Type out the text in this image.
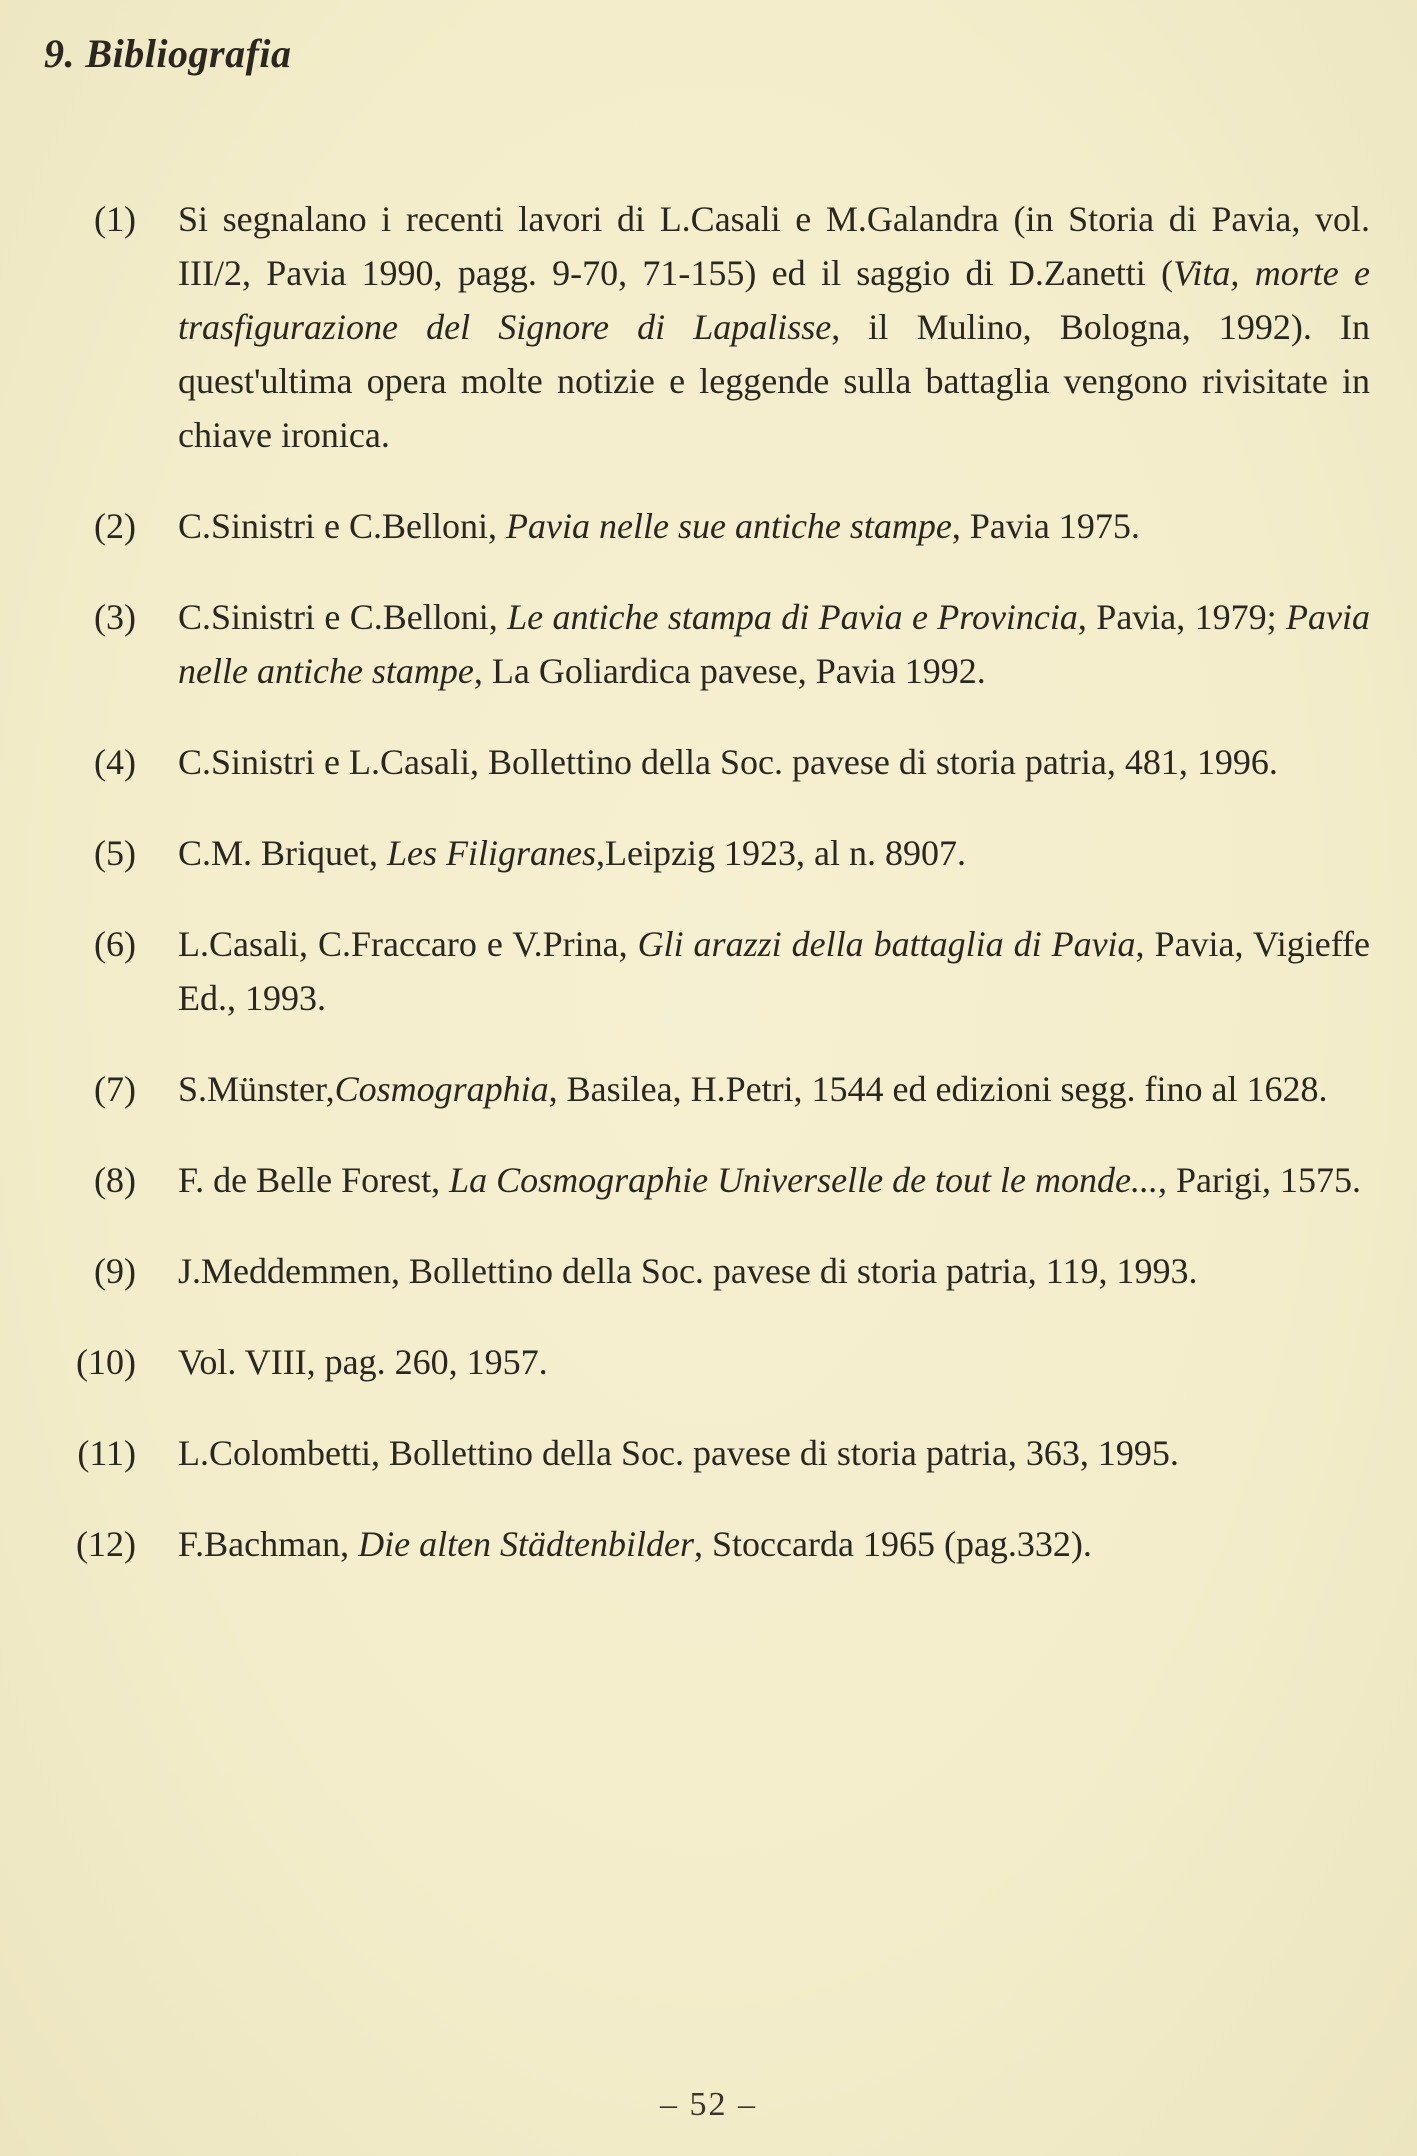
9. Bibliografia
(1)	Si segnalano i recenti lavori di L.Casali e M.Galandra (in Storia di Pavia, vol. III/2, Pavia 1990, pagg. 9-70, 71-155) ed il saggio di D.Zanetti (Vita, morte e trasfigurazione del Signore di Lapalisse, il Mulino, Bologna, 1992). In quest'ultima opera molte notizie e leggende sulla battaglia vengono rivisitate in chiave ironica.
(2)	C.Sinistri e C.Belloni, Pavia nelle sue antiche stampe, Pavia 1975.
(3)	C.Sinistri e C.Belloni, Le antiche stampa di Pavia e Provincia, Pavia, 1979; Pavia nelle antiche stampe, La Goliardica pavese, Pavia 1992.
(4)	C.Sinistri e L.Casali, Bollettino della Soc. pavese di storia patria, 481, 1996.
(5)	C.M. Briquet, Les Filigranes,Leipzig 1923, al n. 8907.
(6)	L.Casali, C.Fraccaro e V.Prina, Gli arazzi della battaglia di Pavia, Pavia, Vigieffe Ed., 1993.
(7)	S.Münster,Cosmographia, Basilea, H.Petri, 1544 ed edizioni segg. fino al 1628.
(8)	F. de Belle Forest, La Cosmographie Universelle de tout le monde..., Parigi, 1575.
(9)	J.Meddemmen, Bollettino della Soc. pavese di storia patria, 119, 1993.
(10)	Vol. VIII, pag. 260, 1957.
(11)	L.Colombetti, Bollettino della Soc. pavese di storia patria, 363, 1995.
(12)	F.Bachman, Die alten Städtenbilder, Stoccarda 1965 (pag.332).
– 52 –
